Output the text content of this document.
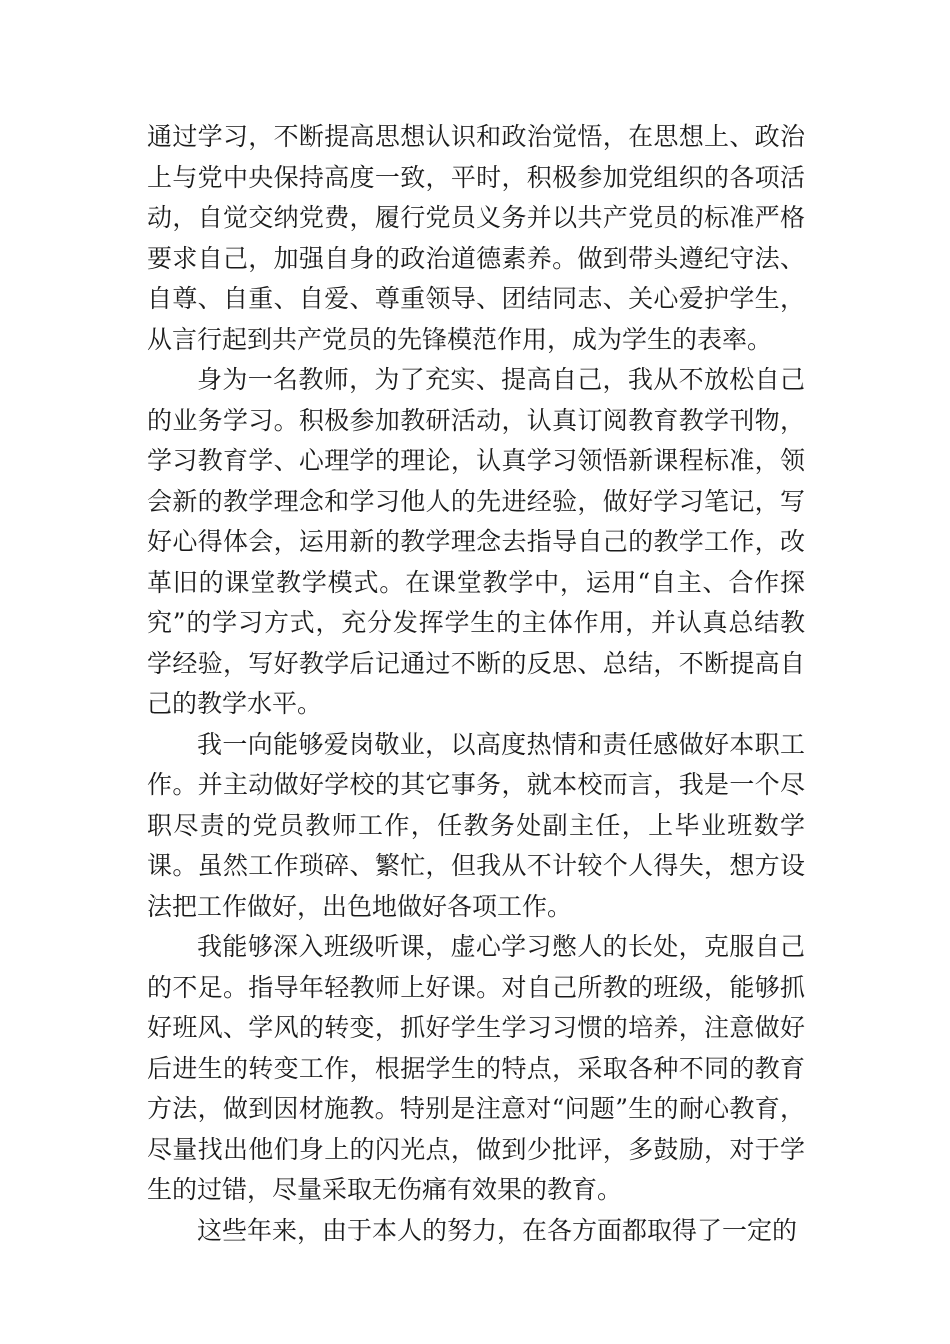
通过学习，不断提高思想认识和政治觉悟，在思想上、政治上与党中央保持高度一致，平时，积极参加党组织的各项活动，自觉交纳党费，履行党员义务并以共产党员的标准严格要求自己，加强自身的政治道德素养。做到带头遵纪守法、自尊、自重、自爱、尊重领导、团结同志、关心爱护学生，从言行起到共产党员的先锋模范作用，成为学生的表率。

身为一名教师，为了充实、提高自己，我从不放松自己的业务学习。积极参加教研活动，认真订阅教育教学刊物，学习教育学、心理学的理论，认真学习领悟新课程标准，领会新的教学理念和学习他人的先进经验，做好学习笔记，写好心得体会，运用新的教学理念去指导自己的教学工作，改革旧的课堂教学模式。在课堂教学中，运用“自主、合作探究”的学习方式，充分发挥学生的主体作用，并认真总结教学经验，写好教学后记通过不断的反思、总结，不断提高自己的教学水平。

我一向能够爱岗敬业，以高度热情和责任感做好本职工作。并主动做好学校的其它事务，就本校而言，我是一个尽职尽责的党员教师工作，任教务处副主任，上毕业班数学课。虽然工作琐碎、繁忙，但我从不计较个人得失，想方设法把工作做好，出色地做好各项工作。

我能够深入班级听课，虚心学习憋人的长处，克服自己的不足。指导年轻教师上好课。对自己所教的班级，能够抓好班风、学风的转变，抓好学生学习习惯的培养，注意做好后进生的转变工作，根据学生的特点，采取各种不同的教育方法，做到因材施教。特别是注意对“问题”生的耐心教育，尽量找出他们身上的闪光点，做到少批评，多鼓励，对于学生的过错，尽量采取无伤痛有效果的教育。

这些年来，由于本人的努力，在各方面都取得了一定的
